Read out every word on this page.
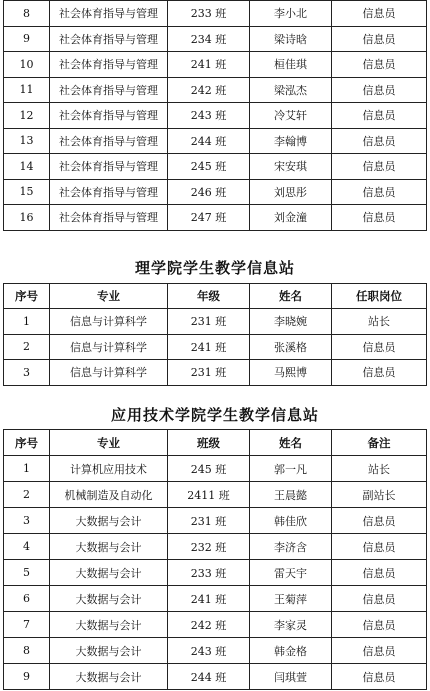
8	社会体育指导与管理	233 班	李小北	信息员
9	社会体育指导与管理	234 班	梁诗晗	信息员
10	社会体育指导与管理	241 班	桓佳琪	信息员
11	社会体育指导与管理	242 班	梁泓杰	信息员
12	社会体育指导与管理	243 班	冷艾轩	信息员
13	社会体育指导与管理	244 班	李翰博	信息员
14	社会体育指导与管理	245 班	宋安琪	信息员
15	社会体育指导与管理	246 班	刘思彤	信息员
16	社会体育指导与管理	247 班	刘金潼	信息员
理学院学生教学信息站
序号	专业	年级	姓名	任职岗位
1	信息与计算科学	231 班	李晓婉	站长
2	信息与计算科学	241 班	张溪格	信息员
3	信息与计算科学	231 班	马熙博	信息员
应用技术学院学生教学信息站
序号	专业	班级	姓名	备注
1	计算机应用技术	245 班	郭一凡	站长
2	机械制造及自动化	2411 班	王晨懿	副站长
3	大数据与会计	231 班	韩佳欣	信息员
4	大数据与会计	232 班	李济含	信息员
5	大数据与会计	233 班	雷天宇	信息员
6	大数据与会计	241 班	王菊萍	信息员
7	大数据与会计	242 班	李家灵	信息员
8	大数据与会计	243 班	韩金格	信息员
9	大数据与会计	244 班	闫琪萱	信息员
